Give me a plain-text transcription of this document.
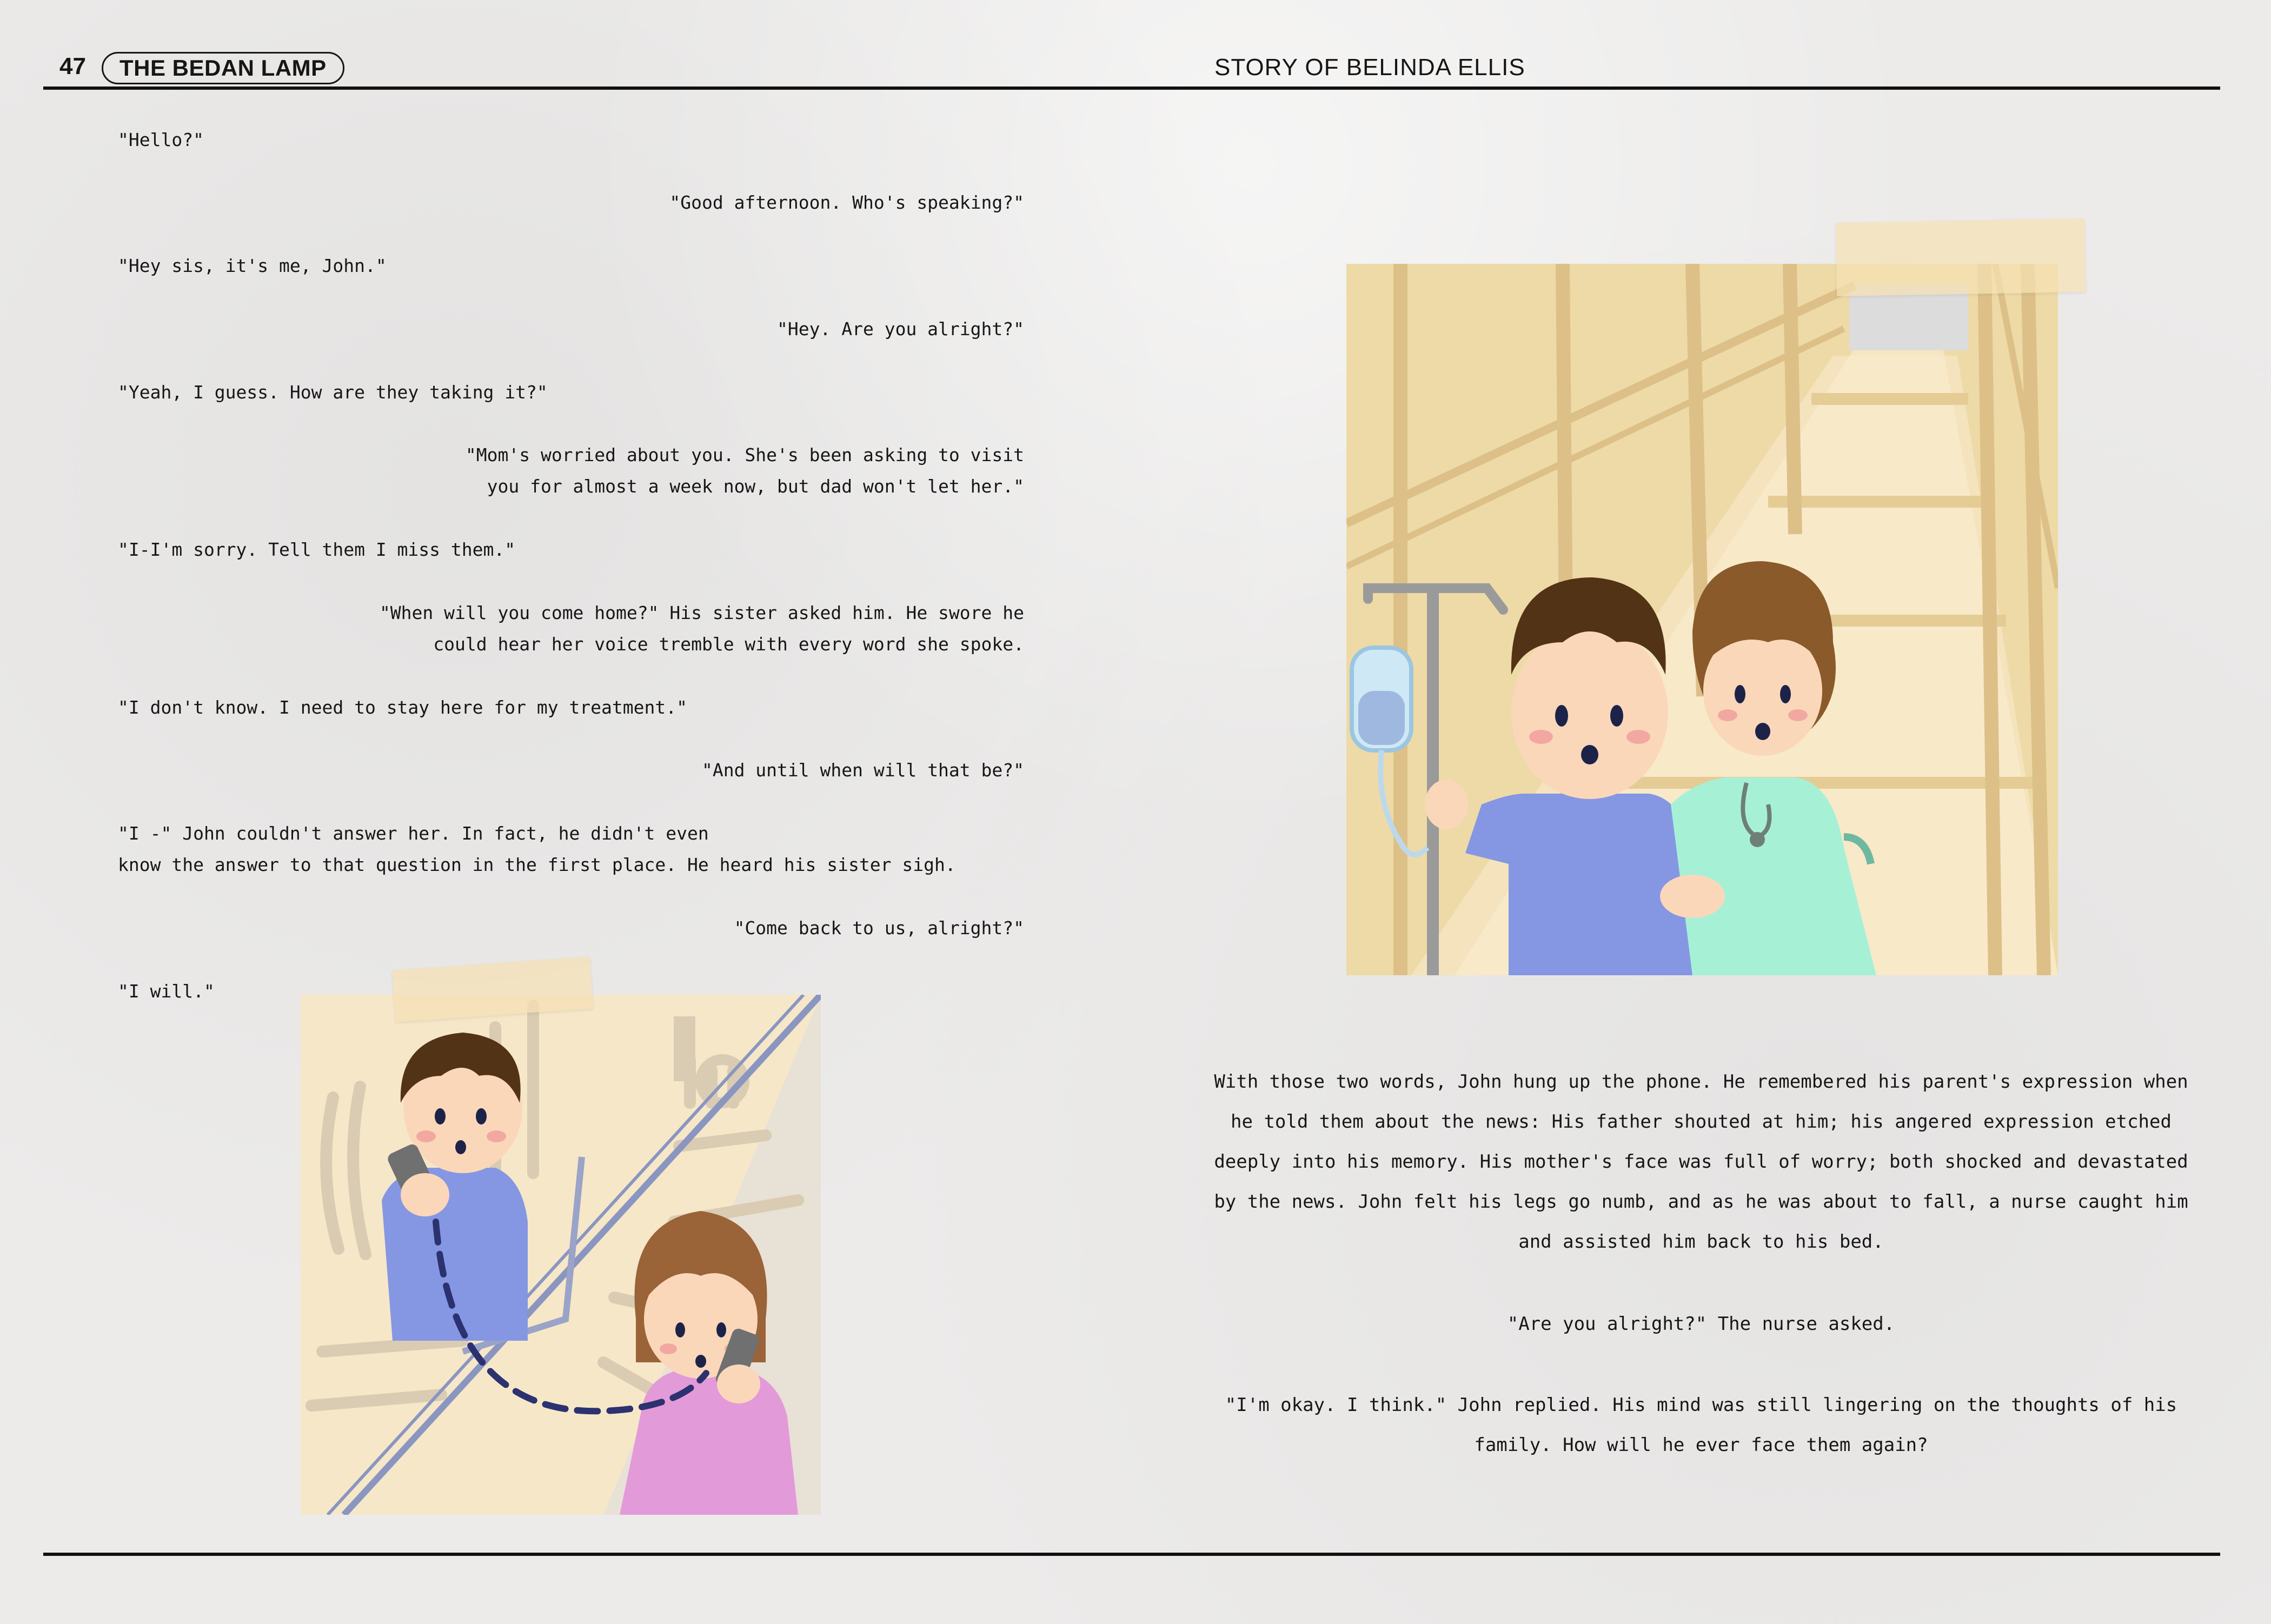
47	THE BEDAN LAMP	STORY OF BELINDA ELLIS
"Hello?"
"Good afternoon. Who's speaking?"
"Hey sis, it's me, John."
"Hey. Are you alright?"
"Yeah, I guess. How are they taking it?"
"Mom's worried about you. She's been asking to visit
you for almost a week now, but dad won't let her."
"I-I'm sorry. Tell them I miss them."
"When will you come home?" His sister asked him. He swore he
could hear her voice tremble with every word she spoke.
"I don't know. I need to stay here for my treatment."
"And until when will that be?"
"I -" John couldn't answer her. In fact, he didn't even
know the answer to that question in the first place. He heard his sister sigh.
"Come back to us, alright?"
"I will."
With those two words, John hung up the phone. He remembered his parent's expression when he told them about the news: His father shouted at him; his angered expression etched deeply into his memory. His mother's face was full of worry; both shocked and devastated by the news. John felt his legs go numb, and as he was about to fall, a nurse caught him and assisted him back to his bed.
"Are you alright?" The nurse asked.
"I'm okay. I think." John replied. His mind was still lingering on the thoughts of his family. How will he ever face them again?
